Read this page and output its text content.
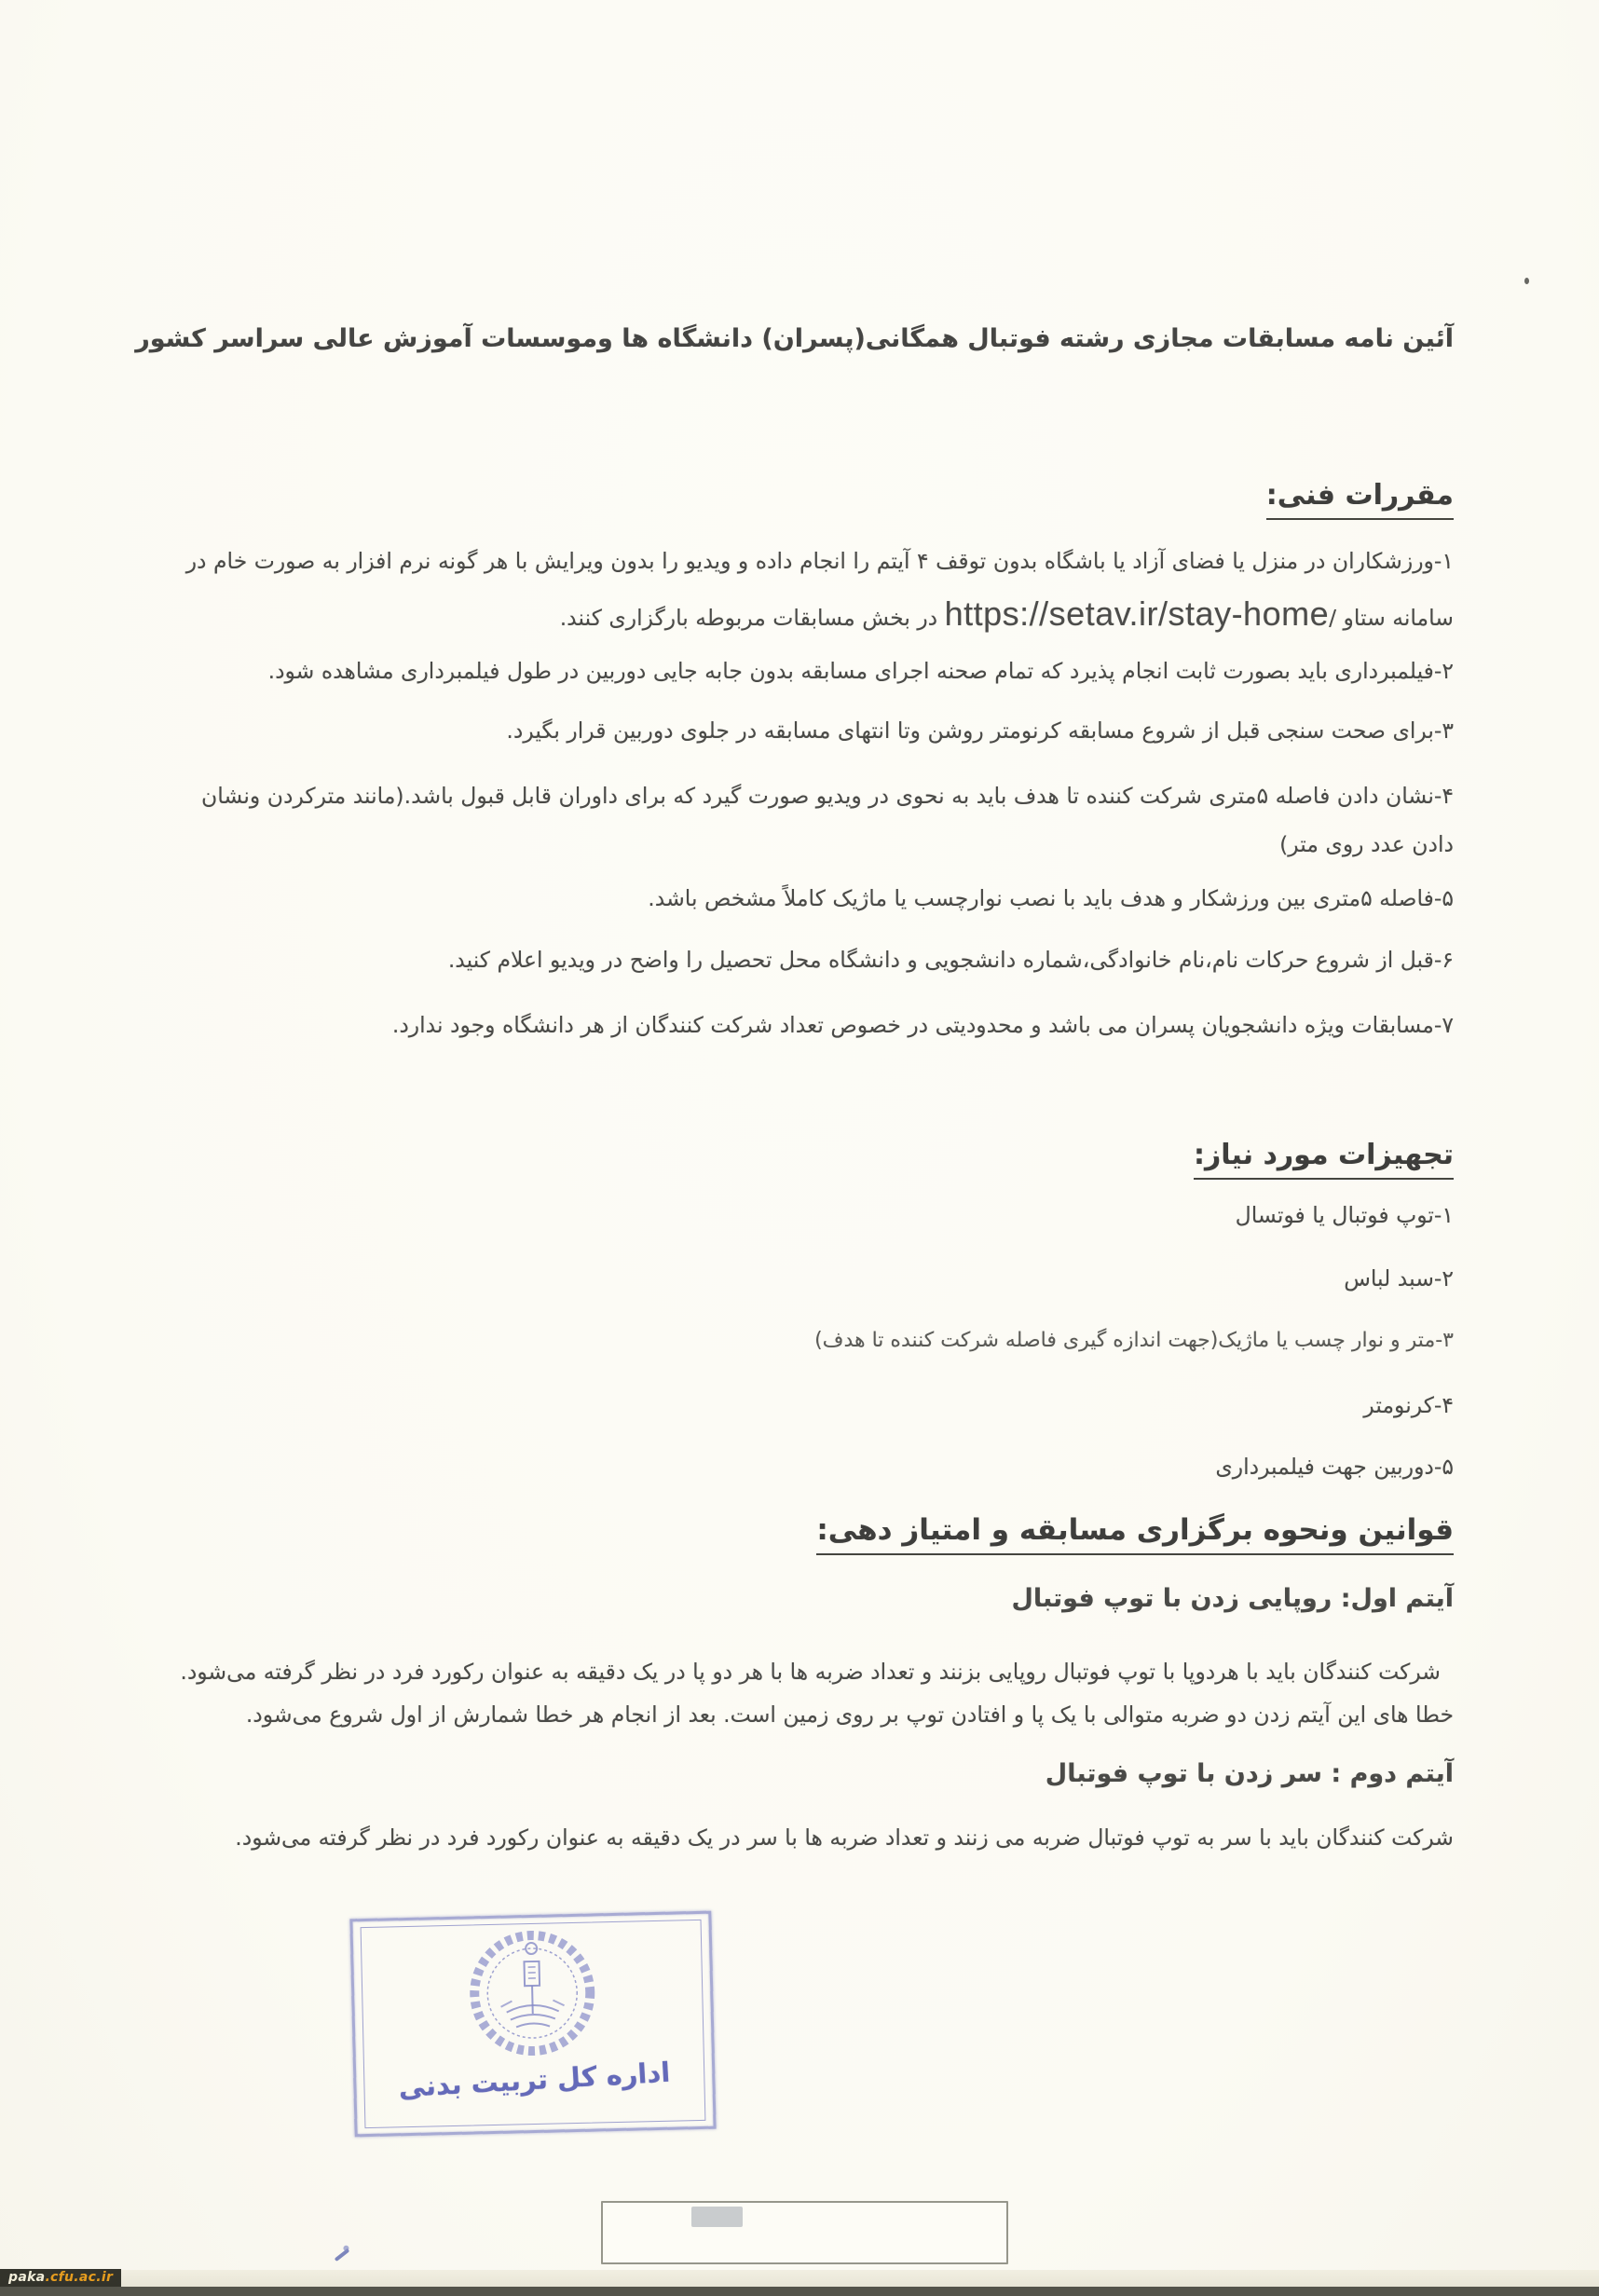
آئین نامه مسابقات مجازی رشته فوتبال همگانی(پسران) دانشگاه ها وموسسات آموزش عالی سراسر کشور
مقررات فنی:
۱-ورزشکاران در منزل یا فضای آزاد یا باشگاه بدون توقف ۴ آیتم را انجام داده و ویدیو را بدون ویرایش با هر گونه نرم افزار به صورت خام در
سامانه ستاو /https://setav.ir/stay-home در بخش مسابقات مربوطه بارگزاری کنند.
۲-فیلمبرداری باید بصورت ثابت انجام پذیرد که تمام صحنه اجرای مسابقه بدون جابه جایی دوربین در طول فیلمبرداری مشاهده شود.
۳-برای صحت سنجی قبل از شروع مسابقه کرنومتر روشن وتا انتهای مسابقه در جلوی دوربین قرار بگیرد.
۴-نشان دادن فاصله ۵متری شرکت کننده تا هدف باید به نحوی در ویدیو صورت گیرد که برای داوران قابل قبول باشد.(مانند مترکردن ونشان
دادن عدد روی متر)
۵-فاصله ۵متری بین ورزشکار و هدف باید با نصب نوارچسب یا ماژیک کاملاً مشخص باشد.
۶-قبل از شروع حرکات نام،نام خانوادگی،شماره دانشجویی و دانشگاه محل تحصیل را واضح در ویدیو اعلام کنید.
۷-مسابقات ویژه دانشجویان پسران می باشد و محدودیتی در خصوص تعداد شرکت کنندگان از هر دانشگاه وجود ندارد.
تجهیزات مورد نیاز:
۱-توپ فوتبال یا فوتسال
۲-سبد لباس
۳-متر و نوار چسب یا ماژیک(جهت اندازه گیری فاصله شرکت کننده تا هدف)
۴-کرنومتر
۵-دوربین جهت فیلمبرداری
قوانین ونحوه برگزاری مسابقه و امتیاز دهی:
آیتم اول: روپایی زدن با توپ فوتبال
شرکت کنندگان باید با هردوپا با توپ فوتبال روپایی بزنند و تعداد ضربه ها با هر دو پا در یک دقیقه به عنوان رکورد فرد در نظر گرفته می‌شود.
خطا های این آیتم زدن دو ضربه متوالی با یک پا و افتادن توپ بر روی زمین است. بعد از انجام هر خطا شمارش از اول شروع می‌شود.
آیتم دوم : سر زدن با توپ فوتبال
شرکت کنندگان باید با سر به توپ فوتبال ضربه می زنند و تعداد ضربه ها با سر در یک دقیقه به عنوان رکورد فرد در نظر گرفته می‌شود.
اداره کل تربیت بدنی
paka.cfu.ac.ir
